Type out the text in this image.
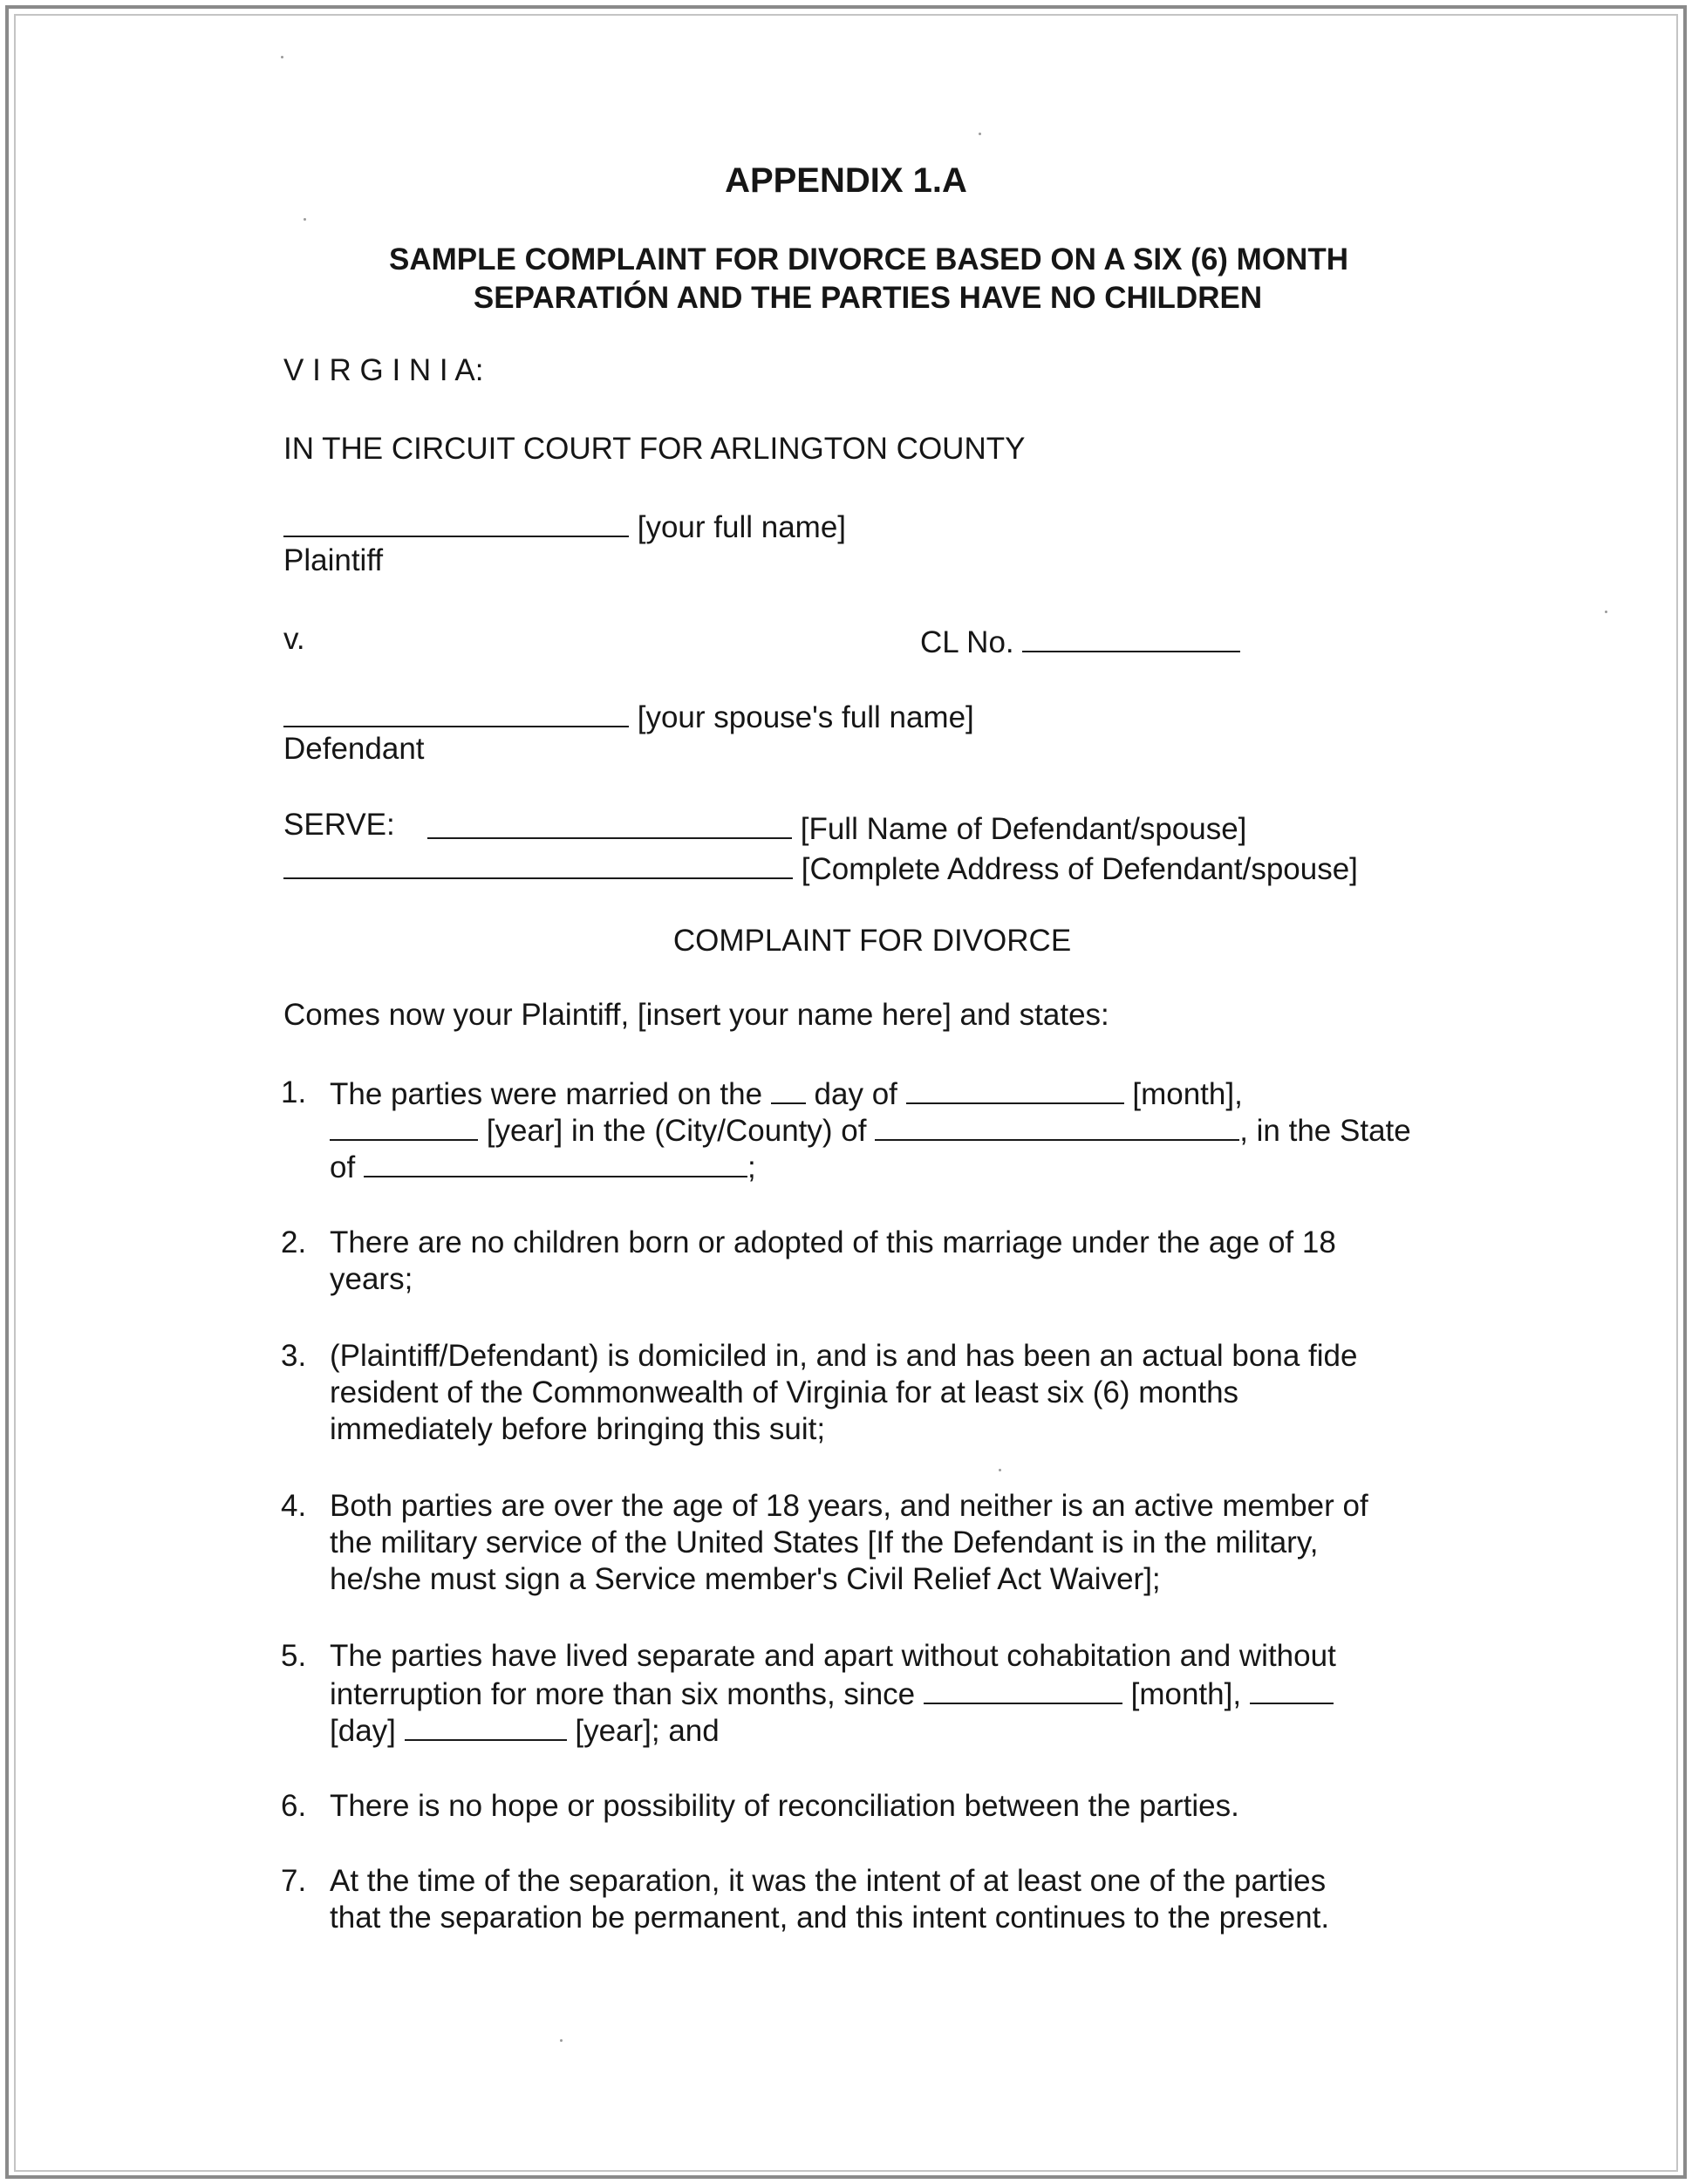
APPENDIX 1.A
SAMPLE COMPLAINT FOR DIVORCE BASED ON A SIX (6) MONTH
SEPARATIÓN AND THE PARTIES HAVE NO CHILDREN
V I R G I N I A:
IN THE CIRCUIT COURT FOR ARLINGTON COUNTY
[your full name]
Plaintiff
v.	CL No.
[your spouse's full name]
Defendant
SERVE:	[Full Name of Defendant/spouse]
[Complete Address of Defendant/spouse]
COMPLAINT FOR DIVORCE
Comes now your Plaintiff, [insert your name here] and states:
1. The parties were married on the day of	[month],
[year] in the (City/County) of	, in the State
of	;
2. There are no children born or adopted of this marriage under the age of 18
years;
3. (Plaintiff/Defendant) is domiciled in, and is and has been an actual bona fide
resident of the Commonwealth of Virginia for at least six (6) months
immediately before bringing this suit;
4. Both parties are over the age of 18 years, and neither is an active member of
the military service of the United States [If the Defendant is in the military,
he/she must sign a Service member's Civil Relief Act Waiver];
5. The parties have lived separate and apart without cohabitation and without
interruption for more than six months, since	[month],
[day]	[year]; and
6. There is no hope or possibility of reconciliation between the parties.
7. At the time of the separation, it was the intent of at least one of the parties
that the separation be permanent, and this intent continues to the present.
